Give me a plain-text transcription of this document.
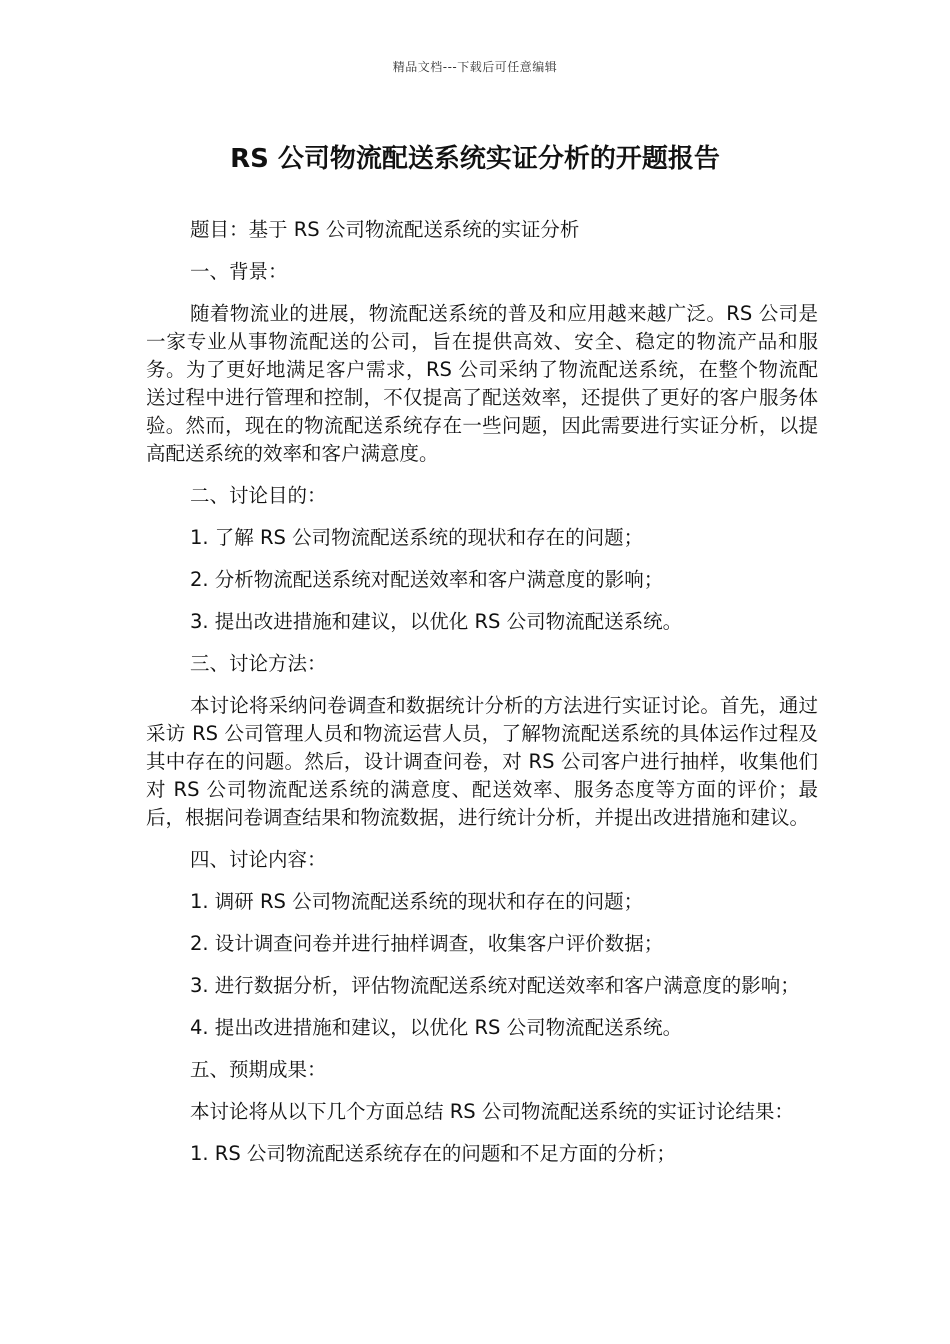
精品文档---下载后可任意编辑
RS 公司物流配送系统实证分析的开题报告

题目：基于 RS 公司物流配送系统的实证分析

一、背景：

随着物流业的进展，物流配送系统的普及和应用越来越广泛。RS 公司是一家专业从事物流配送的公司，旨在提供高效、安全、稳定的物流产品和服务。为了更好地满足客户需求，RS 公司采纳了物流配送系统，在整个物流配送过程中进行管理和控制，不仅提高了配送效率，还提供了更好的客户服务体验。然而，现在的物流配送系统存在一些问题，因此需要进行实证分析，以提高配送系统的效率和客户满意度。

二、讨论目的：

1. 了解 RS 公司物流配送系统的现状和存在的问题；

2. 分析物流配送系统对配送效率和客户满意度的影响；

3. 提出改进措施和建议，以优化 RS 公司物流配送系统。

三、讨论方法：

本讨论将采纳问卷调查和数据统计分析的方法进行实证讨论。首先，通过采访 RS 公司管理人员和物流运营人员，了解物流配送系统的具体运作过程及其中存在的问题。然后，设计调查问卷，对 RS 公司客户进行抽样，收集他们对 RS 公司物流配送系统的满意度、配送效率、服务态度等方面的评价；最后，根据问卷调查结果和物流数据，进行统计分析，并提出改进措施和建议。

四、讨论内容：

1. 调研 RS 公司物流配送系统的现状和存在的问题；

2. 设计调查问卷并进行抽样调查，收集客户评价数据；

3. 进行数据分析，评估物流配送系统对配送效率和客户满意度的影响；

4. 提出改进措施和建议，以优化 RS 公司物流配送系统。

五、预期成果：

本讨论将从以下几个方面总结 RS 公司物流配送系统的实证讨论结果：

1. RS 公司物流配送系统存在的问题和不足方面的分析；
